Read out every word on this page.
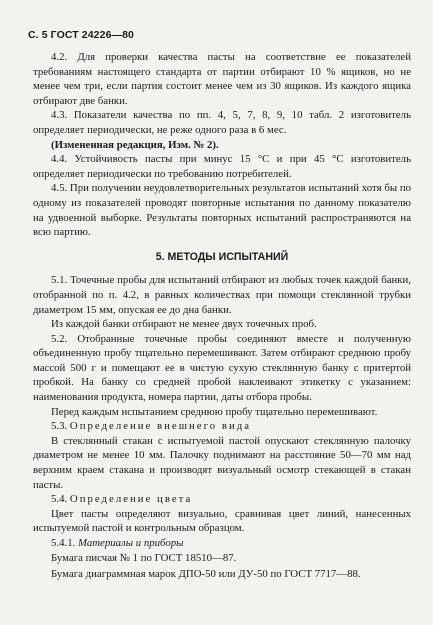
С. 5 ГОСТ 24226—80

4.2. Для проверки качества пасты на соответствие ее показателей требованиям настоящего стандарта от партии отбирают 10 % ящиков, но не менее чем три, если партия состоит менее чем из 30 ящиков. Из каждого ящика отбирают две банки.

4.3. Показатели качества по пп. 4, 5, 7, 8, 9, 10 табл. 2 изготовитель определяет периодически, не реже одного раза в 6 мес.

(Измененная редакция, Изм. № 2).

4.4. Устойчивость пасты при минус 15 °С и при 45 °С изготовитель определяет периодически по требованию потребителей.

4.5. При получении неудовлетворительных результатов испытаний хотя бы по одному из показателей проводят повторные испытания по данному показателю на удвоенной выборке. Результаты повторных испытаний распространяются на всю партию.

5. МЕТОДЫ ИСПЫТАНИЙ

5.1. Точечные пробы для испытаний отбирают из любых точек каждой банки, отобранной по п. 4.2, в равных количествах при помощи стеклянной трубки диаметром 15 мм, опуская ее до дна банки.

Из каждой банки отбирают не менее двух точечных проб.

5.2. Отобранные точечные пробы соединяют вместе и полученную объединенную пробу тщательно перемешивают. Затем отбирают среднюю пробу массой 500 г и помещают ее в чистую сухую стеклянную банку с притертой пробкой. На банку со средней пробой наклеивают этикетку с указанием: наименования продукта, номера партии, даты отбора пробы.

Перед каждым испытанием среднюю пробу тщательно перемешивают.

5.3. Определение внешнего вида

В стеклянный стакан с испытуемой пастой опускают стеклянную палочку диаметром не менее 10 мм. Палочку поднимают на расстояние 50—70 мм над верхним краем стакана и производят визуальный осмотр стекающей в стакан пасты.

5.4. Определение цвета

Цвет пасты определяют визуально, сравнивая цвет линий, нанесенных испытуемой пастой и контрольным образцом.

5.4.1. Материалы и приборы

Бумага писчая № 1 по ГОСТ 18510—87.

Бумага диаграммная марок ДПО-50 или ДУ-50 по ГОСТ 7717—88.
